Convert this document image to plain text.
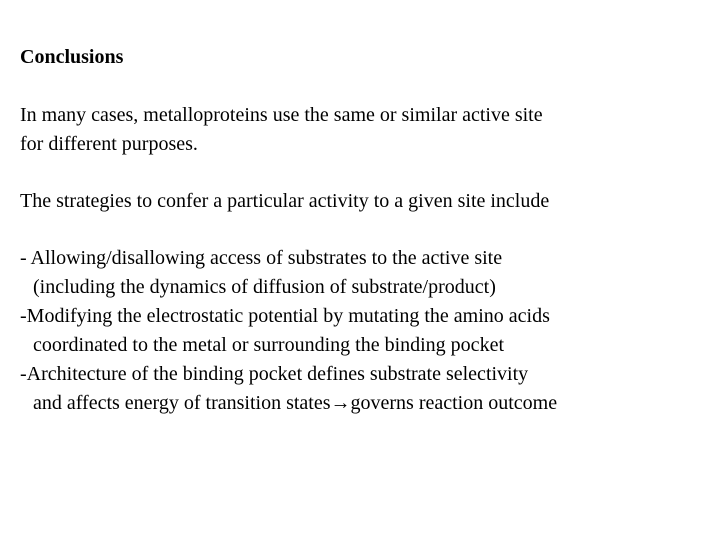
Conclusions

In many cases, metalloproteins use the same or similar active site
for different purposes.

The strategies to confer a particular activity to a given site include

- Allowing/disallowing access of substrates to the active site
(including the dynamics of diffusion of substrate/product)
-Modifying the electrostatic potential by mutating the amino acids
coordinated to the metal or surrounding the binding pocket
-Architecture of the binding pocket defines substrate selectivity
and affects energy of transition states→governs reaction outcome
